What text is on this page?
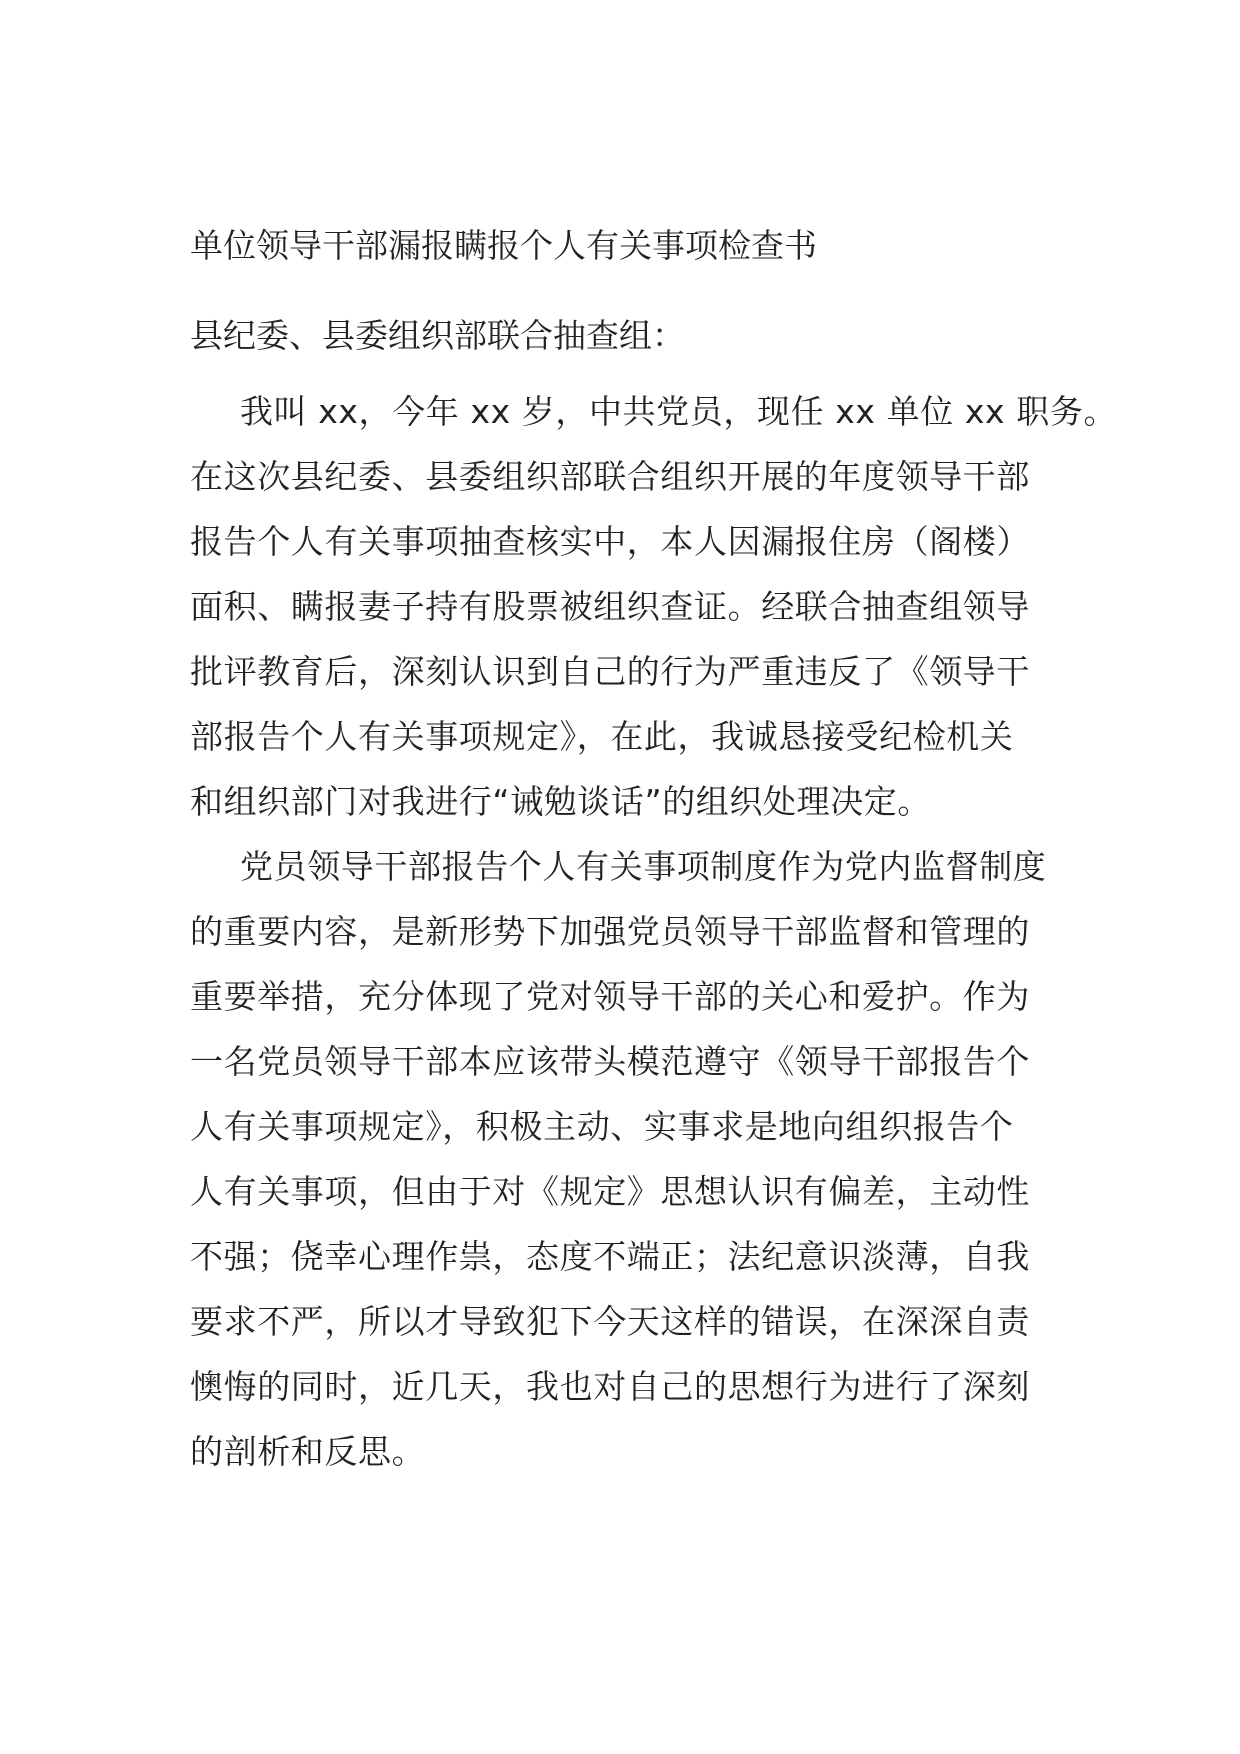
单位领导干部漏报瞒报个人有关事项检查书
县纪委、县委组织部联合抽查组：

我叫 xx，今年 xx 岁，中共党员，现任 xx 单位 xx 职务。
在这次县纪委、县委组织部联合组织开展的年度领导干部
报告个人有关事项抽查核实中，本人因漏报住房（阁楼）
面积、瞒报妻子持有股票被组织查证。经联合抽查组领导
批评教育后，深刻认识到自己的行为严重违反了《领导干
部报告个人有关事项规定》，在此，我诚恳接受纪检机关
和组织部门对我进行“诫勉谈话”的组织处理决定。

党员领导干部报告个人有关事项制度作为党内监督制度
的重要内容，是新形势下加强党员领导干部监督和管理的
重要举措，充分体现了党对领导干部的关心和爱护。作为
一名党员领导干部本应该带头模范遵守《领导干部报告个
人有关事项规定》，积极主动、实事求是地向组织报告个
人有关事项，但由于对《规定》思想认识有偏差，主动性
不强；侥幸心理作祟，态度不端正；法纪意识淡薄，自我
要求不严，所以才导致犯下今天这样的错误，在深深自责
懊悔的同时，近几天，我也对自己的思想行为进行了深刻
的剖析和反思。
